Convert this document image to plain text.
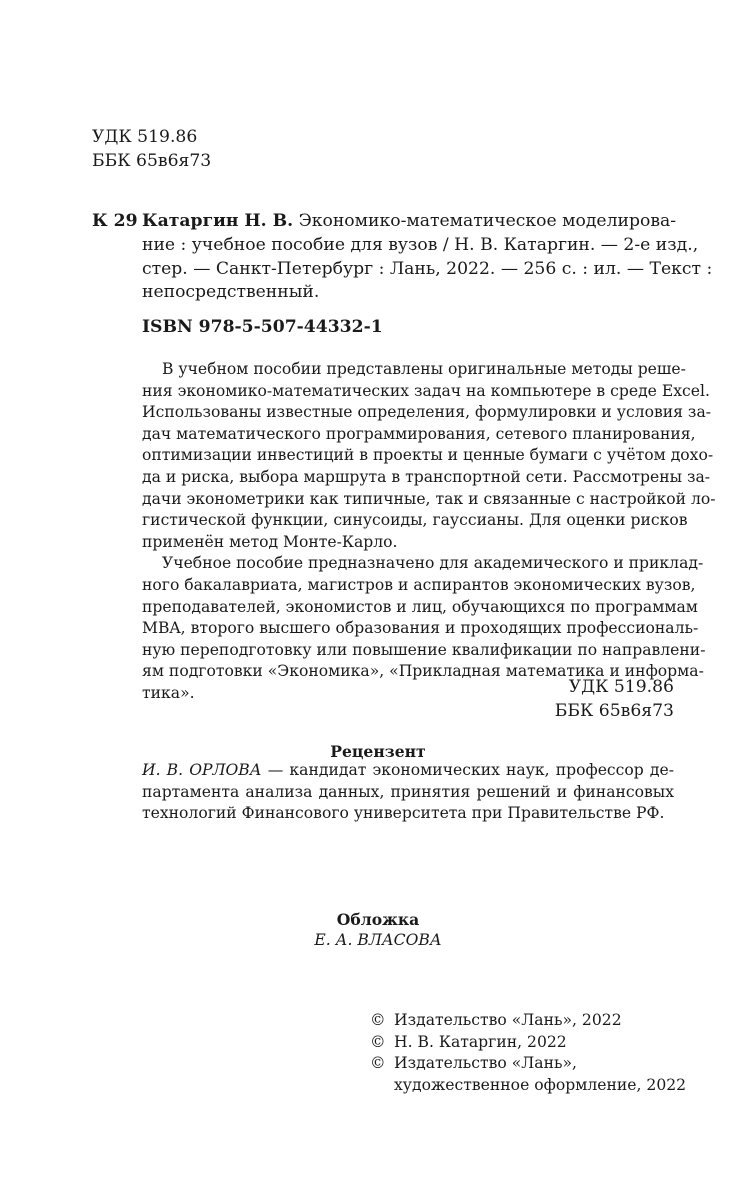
УДК 519.86
ББК 65в6я73
К 29 Катаргин Н. В. Экономико-математическое моделирова-
ние : учебное пособие для вузов / Н. В. Катаргин. — 2-е изд.,
стер. — Санкт-Петербург : Лань, 2022. — 256 с. : ил. — Текст :
непосредственный.
ISBN 978-5-507-44332-1
В учебном пособии представлены оригинальные методы реше-
ния экономико-математических задач на компьютере в среде Excel.
Использованы известные определения, формулировки и условия за-
дач математического программирования, сетевого планирования,
оптимизации инвестиций в проекты и ценные бумаги с учётом дохо-
да и риска, выбора маршрута в транспортной сети. Рассмотрены за-
дачи эконометрики как типичные, так и связанные с настройкой ло-
гистической функции, синусоиды, гауссианы. Для оценки рисков
применён метод Монте-Карло.
Учебное пособие предназначено для академического и приклад-
ного бакалавриата, магистров и аспирантов экономических вузов,
преподавателей, экономистов и лиц, обучающихся по программам
MBA, второго высшего образования и проходящих профессиональ-
ную переподготовку или повышение квалификации по направлени-
ям подготовки «Экономика», «Прикладная математика и информа-
тика».	УДК 519.86
ББК 65в6я73
Рецензент
И. В. ОРЛОВА — кандидат экономических наук, профессор де-
партамента анализа данных, принятия решений и финансовых
технологий Финансового университета при Правительстве РФ.
Обложка
Е. А. ВЛАСОВА
© Издательство «Лань», 2022
© Н. В. Катаргин, 2022
© Издательство «Лань»,
художественное оформление, 2022
